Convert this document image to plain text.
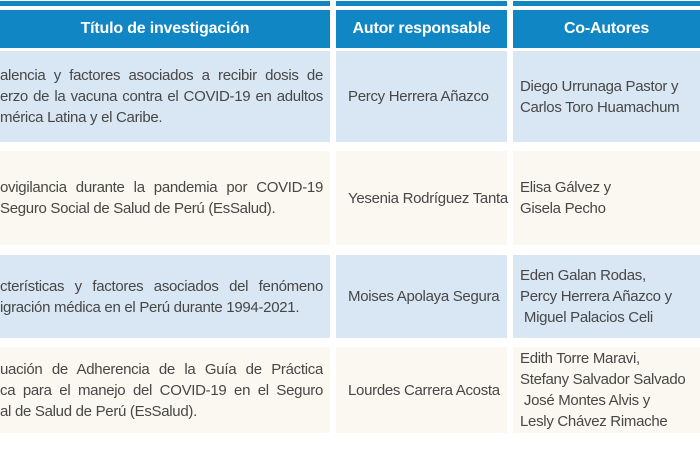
Título de investigación	Autor responsable	Co-Autores
alencia y factores asociados a recibir dosis de
erzo de la vacuna contra el COVID-19 en adultos
mérica Latina y el Caribe.
Percy Herrera Añazco
Diego Urrunaga Pastor y
Carlos Toro Huamachum
ovigilancia durante la pandemia por COVID-19
Seguro Social de Salud de Perú (EsSalud).
Yesenia Rodríguez Tanta
Elisa Gálvez y
Gisela Pecho
cterísticas y factores asociados del fenómeno
igración médica en el Perú durante 1994-2021.
Moises Apolaya Segura
Eden Galan Rodas,
Percy Herrera Añazco y
Miguel Palacios Celi
uación de Adherencia de la Guía de Práctica
ca para el manejo del COVID-19 en el Seguro
al de Salud de Perú (EsSalud).
Lourdes Carrera Acosta
Edith Torre Maravi,
Stefany Salvador Salvado
José Montes Alvis y
Lesly Chávez Rimache
